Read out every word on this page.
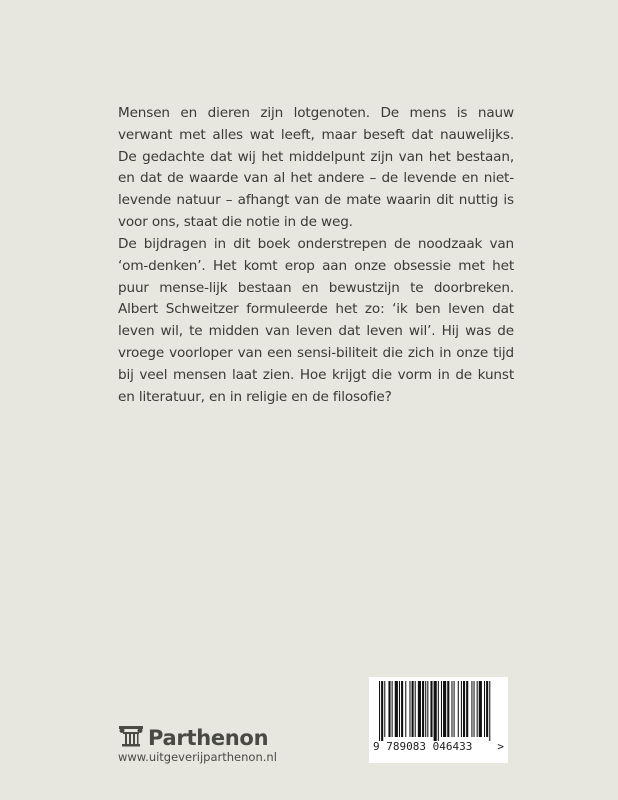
Mensen en dieren zijn lotgenoten. De mens is nauw verwant met alles wat leeft, maar beseft dat nauwelijks. De gedachte dat wij het middelpunt zijn van het bestaan, en dat de waarde van al het andere – de levende en niet-levende natuur – afhangt van de mate waarin dit nuttig is voor ons, staat die notie in de weg.

De bijdragen in dit boek onderstrepen de noodzaak van ‘om-denken’. Het komt erop aan onze obsessie met het puur mense-lijk bestaan en bewustzijn te doorbreken. Albert Schweitzer formuleerde het zo: ‘ik ben leven dat leven wil, te midden van leven dat leven wil’. Hij was de vroege voorloper van een sensi-biliteit die zich in onze tijd bij veel mensen laat zien. Hoe krijgt die vorm in de kunst en literatuur, en in religie en de filosofie?

Parthenon
www.uitgeverijparthenon.nl
9 789083 046433 >
